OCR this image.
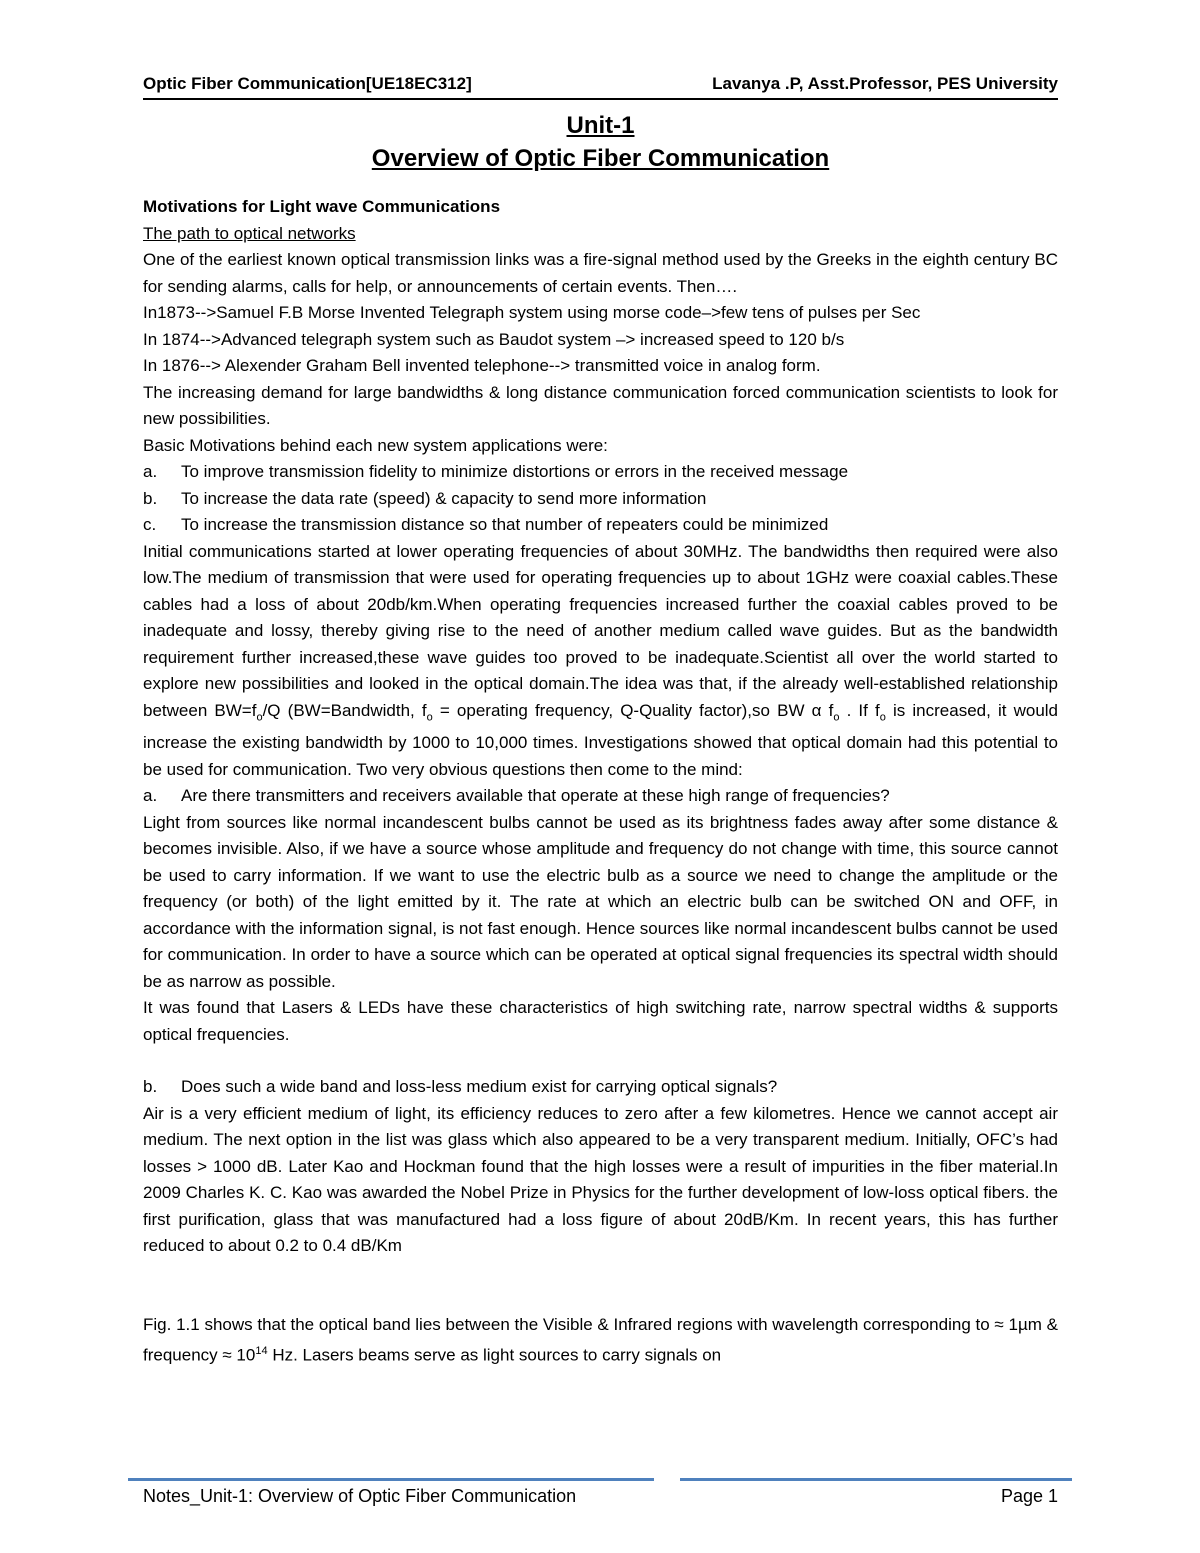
Optic Fiber Communication[UE18EC312]	Lavanya .P, Asst.Professor, PES University

Unit-1

Overview of Optic Fiber Communication

Motivations for Light wave Communications

The path to optical networks

One of the earliest known optical transmission links was a fire-signal method used by the Greeks in the eighth century BC for sending alarms, calls for help, or announcements of certain events. Then….

In1873-->Samuel F.B Morse Invented Telegraph system using morse code–>few tens of pulses per Sec

In 1874-->Advanced telegraph system such as Baudot system –> increased speed to 120 b/s

In 1876--> Alexender Graham Bell invented telephone--> transmitted voice in analog form.

The increasing demand for large bandwidths & long distance communication forced communication scientists to look for new possibilities.

Basic Motivations behind each new system applications were:

a.	To improve transmission fidelity to minimize distortions or errors in the received message
b.	To increase the data rate (speed) & capacity to send more information
c.	To increase the transmission distance so that number of repeaters could be minimized

Initial communications started at lower operating frequencies of about 30MHz. The bandwidths then required were also low.The medium of transmission that were used for operating frequencies up to about 1GHz were coaxial cables.These cables had a loss of about 20db/km.When operating frequencies increased further the coaxial cables proved to be inadequate and lossy, thereby giving rise to the need of another medium called wave guides. But as the bandwidth requirement further increased,these wave guides too proved to be inadequate.Scientist all over the world started to explore new possibilities and looked in the optical domain.The idea was that, if the already well-established relationship between $BW=f_o/Q$ (BW=Bandwidth, $f_o$ = operating frequency, Q-Quality factor),so BW α $f_o$ . If $f_o$ is increased, it would increase the existing bandwidth by 1000 to 10,000 times. Investigations showed that optical domain had this potential to be used for communication. Two very obvious questions then come to the mind:

a.	Are there transmitters and receivers available that operate at these high range of frequencies?

Light from sources like normal incandescent bulbs cannot be used as its brightness fades away after some distance & becomes invisible. Also, if we have a source whose amplitude and frequency do not change with time, this source cannot be used to carry information. If we want to use the electric bulb as a source we need to change the amplitude or the frequency (or both) of the light emitted by it. The rate at which an electric bulb can be switched ON and OFF, in accordance with the information signal, is not fast enough. Hence sources like normal incandescent bulbs cannot be used for communication. In order to have a source which can be operated at optical signal frequencies its spectral width should be as narrow as possible.

It was found that Lasers & LEDs have these characteristics of high switching rate, narrow spectral widths & supports optical frequencies.

b.	Does such a wide band and loss-less medium exist for carrying optical signals?

Air is a very efficient medium of light, its efficiency reduces to zero after a few kilometres. Hence we cannot accept air medium. The next option in the list was glass which also appeared to be a very transparent medium. Initially, OFC’s had losses > 1000 dB. Later Kao and Hockman found that the high losses were a result of impurities in the fiber material.In 2009 Charles K. C. Kao was awarded the Nobel Prize in Physics for the further development of low-loss optical fibers. the first purification, glass that was manufactured had a loss figure of about 20dB/Km. In recent years, this has further reduced to about 0.2 to 0.4 dB/Km

Fig. 1.1 shows that the optical band lies between the Visible & Infrared regions with wavelength corresponding to ≈ 1µm & frequency ≈ $10^{14}$ Hz. Lasers beams serve as light sources to carry signals on

Notes_Unit-1: Overview of Optic Fiber Communication	Page 1
